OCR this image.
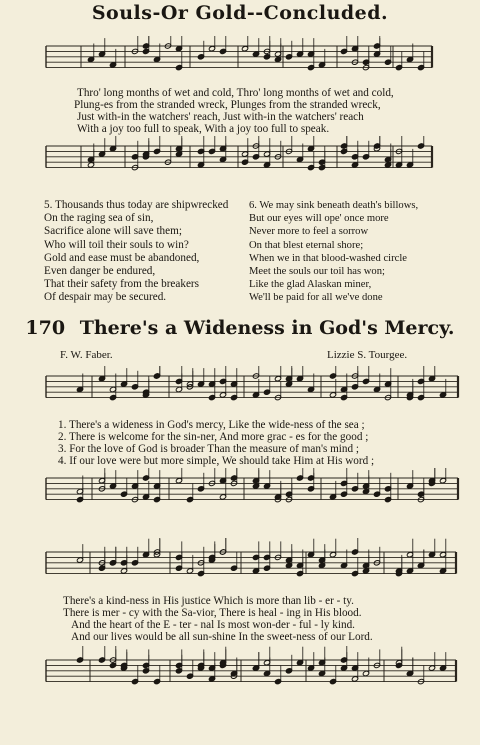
Souls-Or Gold--Concluded.
Thro' long months of wet and cold, Thro' long months of wet and cold,
Plung-es from the stranded wreck, Plunges from the stranded wreck,
Just with-in the watchers' reach, Just with-in the watchers' reach
With a joy too full to speak, With a joy too full to speak.
5. Thousands thus today are shipwrecked
On the raging sea of sin,
Sacrifice alone will save them;
Who will toil their souls to win?
Gold and ease must be abandoned,
Even danger be endured,
That their safety from the breakers
Of despair may be secured.
6. We may sink beneath death's billows,
But our eyes will ope' once more
Never more to feel a sorrow
On that blest eternal shore;
When we in that blood-washed circle
Meet the souls our toil has won;
Like the glad Alaskan miner,
We'll be paid for all we've done
170 There's a Wideness in God's Mercy.
F. W. Faber.	Lizzie S. Tourgee.
1. There's a wideness in God's mercy, Like the wide-ness of the sea ;
2. There is welcome for the sin-ner, And more grac - es for the good ;
3. For the love of God is broader Than the measure of man's mind ;
4. If our love were but more simple, We should take Him at His word ;
There's a kind-ness in His justice Which is more than lib - er - ty.
There is mer - cy with the Sa-vior, There is heal - ing in His blood.
And the heart of the E - ter - nal Is most won-der - ful - ly kind.
And our lives would be all sun-shine In the sweet-ness of our Lord.
